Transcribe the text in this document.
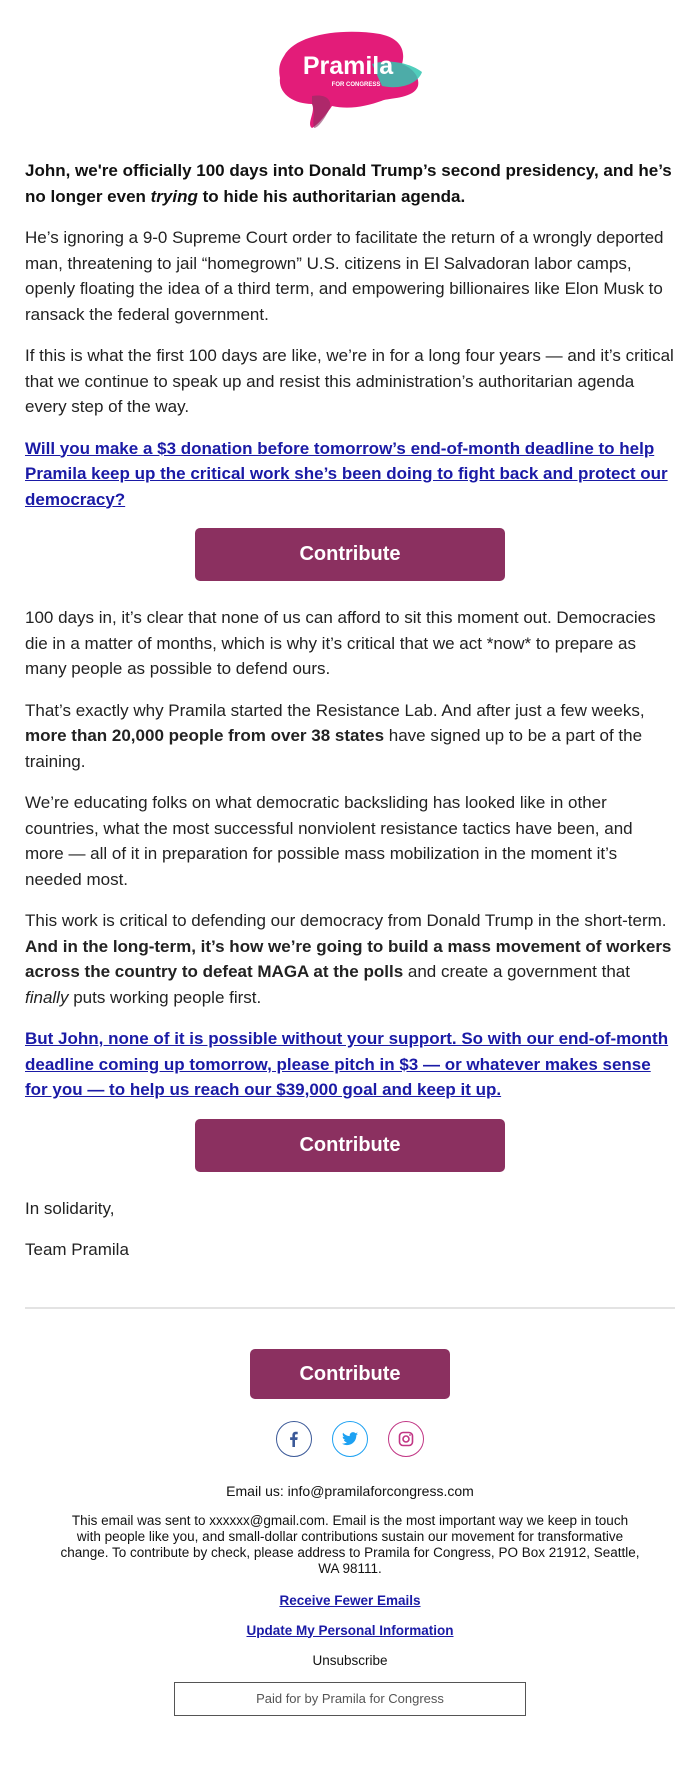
Pramila
FOR CONGRESS

John, we're officially 100 days into Donald Trump’s second presidency, and he’s no longer even trying to hide his authoritarian agenda.

He’s ignoring a 9-0 Supreme Court order to facilitate the return of a wrongly deported man, threatening to jail “homegrown” U.S. citizens in El Salvadoran labor camps, openly floating the idea of a third term, and empowering billionaires like Elon Musk to ransack the federal government.

If this is what the first 100 days are like, we’re in for a long four years — and it’s critical that we continue to speak up and resist this administration’s authoritarian agenda every step of the way.

Will you make a $3 donation before tomorrow’s end-of-month deadline to help Pramila keep up the critical work she’s been doing to fight back and protect our democracy?

Contribute

100 days in, it’s clear that none of us can afford to sit this moment out. Democracies die in a matter of months, which is why it’s critical that we act *now* to prepare as many people as possible to defend ours.

That’s exactly why Pramila started the Resistance Lab. And after just a few weeks, more than 20,000 people from over 38 states have signed up to be a part of the training.

We’re educating folks on what democratic backsliding has looked like in other countries, what the most successful nonviolent resistance tactics have been, and more — all of it in preparation for possible mass mobilization in the moment it’s needed most.

This work is critical to defending our democracy from Donald Trump in the short-term. And in the long-term, it’s how we’re going to build a mass movement of workers across the country to defeat MAGA at the polls and create a government that finally puts working people first.

But John, none of it is possible without your support. So with our end-of-month deadline coming up tomorrow, please pitch in $3 — or whatever makes sense for you — to help us reach our $39,000 goal and keep it up.

Contribute

In solidarity,

Team Pramila

Contribute
Email us: info@pramilaforcongress.com
This email was sent to xxxxxx@gmail.com. Email is the most important way we keep in touch with people like you, and small-dollar contributions sustain our movement for transformative change. To contribute by check, please address to Pramila for Congress, PO Box 21912, Seattle, WA 98111.
Receive Fewer Emails
Update My Personal Information
Unsubscribe
Paid for by Pramila for Congress
